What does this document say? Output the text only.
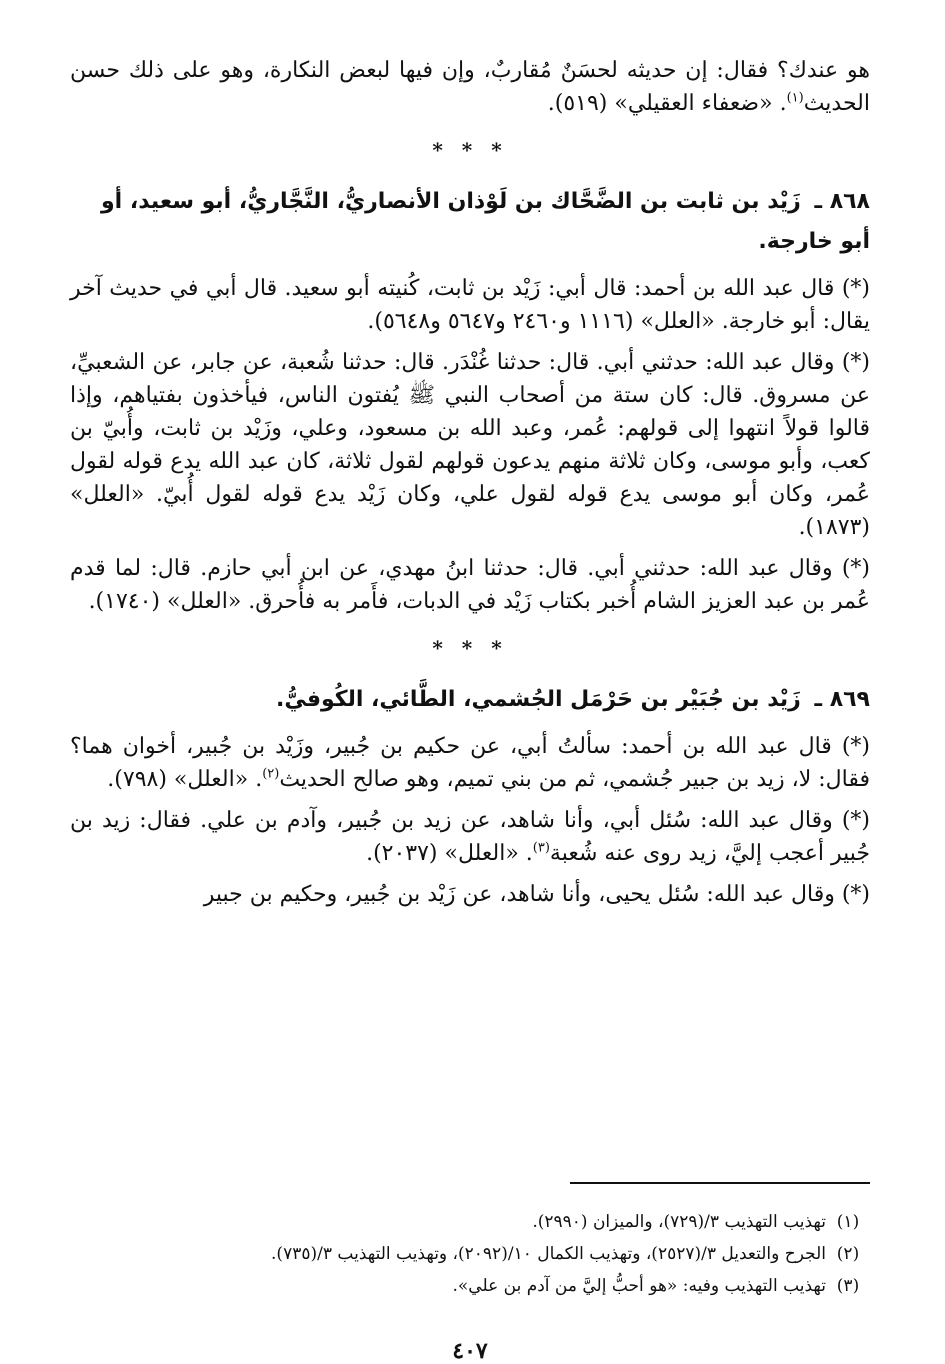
هو عندك؟ فقال: إن حديثه لحسَنٌ مُقاربٌ، وإن فيها لبعض النكارة، وهو على ذلك حسن الحديث$^{(١)}$. «ضعفاء العقيلي» (٥١٩).

* * *
٨٦٨ ـ زَيْد بن ثابت بن الضَّحَّاك بن لَوْذان الأنصاريُّ، النَّجَّاريُّ، أبو سعيد، أو أبو خارجة.

(*) قال عبد الله بن أحمد: قال أبي: زَيْد بن ثابت، كُنيته أبو سعيد. قال أبي في حديث آخر يقال: أبو خارجة. «العلل» (١١١٦ و٢٤٦٠ و٥٦٤٧ و٥٦٤٨).

(*) وقال عبد الله: حدثني أبي. قال: حدثنا غُنْدَر. قال: حدثنا شُعبة، عن جابر، عن الشعبيِّ، عن مسروق. قال: كان ستة من أصحاب النبي ﷺ يُفتون الناس، فيأخذون بفتياهم، وإذا قالوا قولاً انتهوا إلى قولهم: عُمر، وعبد الله بن مسعود، وعلي، وزَيْد بن ثابت، وأُبيّ بن كعب، وأبو موسى، وكان ثلاثة منهم يدعون قولهم لقول ثلاثة، كان عبد الله يدع قوله لقول عُمر، وكان أبو موسى يدع قوله لقول علي، وكان زَيْد يدع قوله لقول أُبيّ. «العلل» (١٨٧٣).

(*) وقال عبد الله: حدثني أبي. قال: حدثنا ابنُ مهدي، عن ابن أبي حازم. قال: لما قدم عُمر بن عبد العزيز الشام أُخبر بكتاب زَيْد في الدبات، فأَمر به فأُحرق. «العلل» (١٧٤٠).

* * *
٨٦٩ ـ زَيْد بن جُبَيْر بن حَرْمَل الجُشمي، الطَّائي، الكُوفيُّ.

(*) قال عبد الله بن أحمد: سألتُ أبي، عن حكيم بن جُبير، وزَيْد بن جُبير، أخوان هما؟ فقال: لا، زيد بن جبير جُشمي، ثم من بني تميم، وهو صالح الحديث$^{(٢)}$. «العلل» (٧٩٨).

(*) وقال عبد الله: سُئل أبي، وأنا شاهد، عن زيد بن جُبير، وآدم بن علي. فقال: زيد بن جُبير أعجب إليَّ، زيد روى عنه شُعبة$^{(٣)}$. «العلل» (٢٠٣٧).

(*) وقال عبد الله: سُئل يحيى، وأنا شاهد، عن زَيْد بن جُبير، وحكيم بن جبير

(١)
تهذيب التهذيب ٣/(٧٢٩)، والميزان (٢٩٩٠).
(٢)
الجرح والتعديل ٣/(٢٥٢٧)، وتهذيب الكمال ١٠/(٢٠٩٢)، وتهذيب التهذيب ٣/(٧٣٥).
(٣)
تهذيب التهذيب وفيه: «هو أحبُّ إليَّ من آدم بن علي».
٤٠٧
